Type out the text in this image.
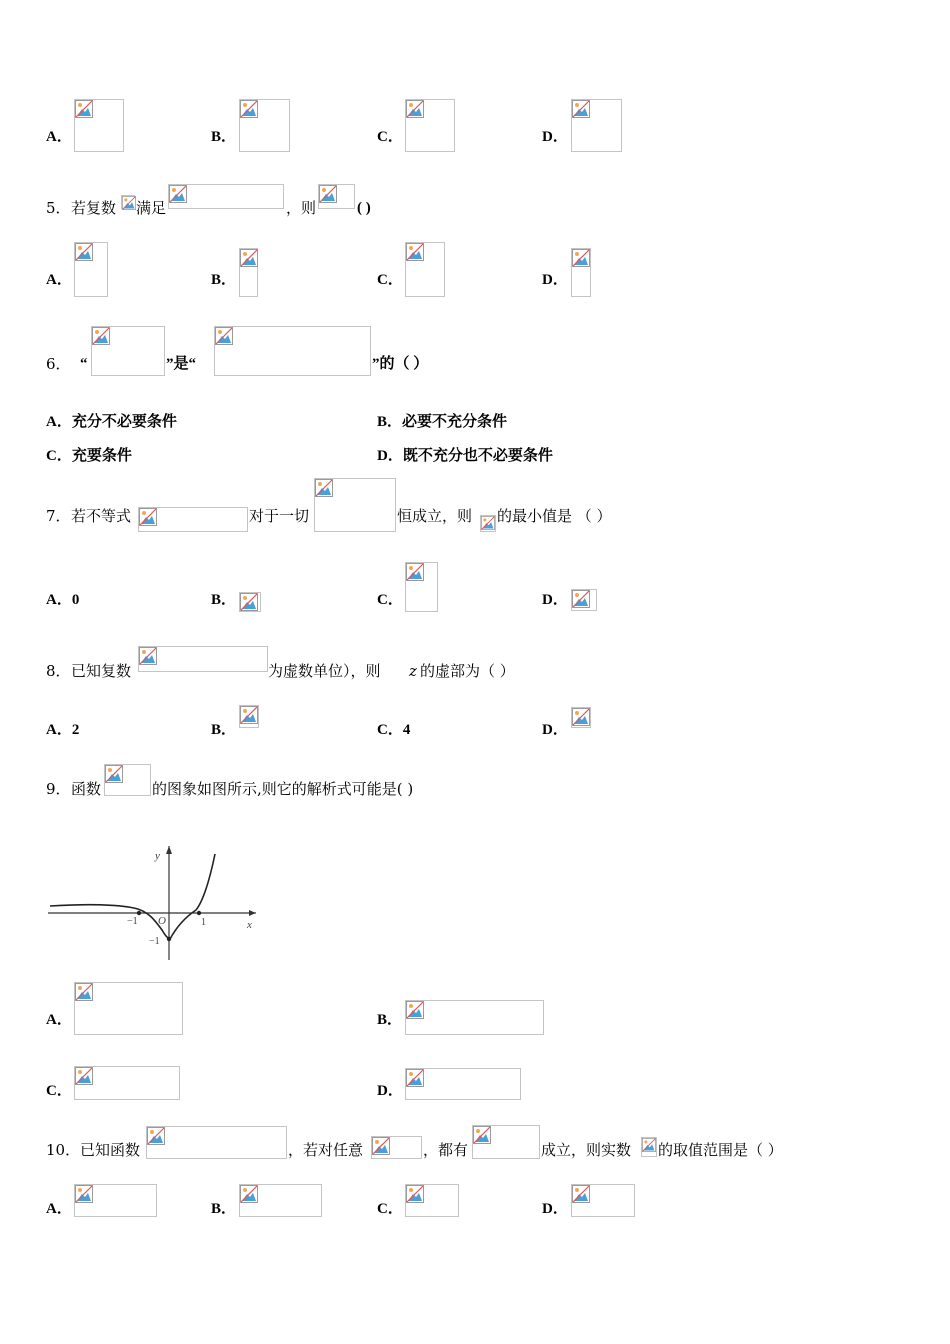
A．	B．	C．	D．
5． 若复数 满足	，则	( )
A．	B．	C．	D．
6． “	”是“	”的（ ）
A．充分不必要条件	B．必要不充分条件
C．充要条件	D．既不充分也不必要条件
7． 若不等式	对于一切	恒成立，则 的最小值是 （ ）
A．0	B．	C．	D．
8． 已知复数	为虚数单位），则 z 的虚部为（ ）
A．2	B．	C．4	D．
9． 函数	的图象如图所示,则它的解析式可能是( )
y
x
O
−1	1
−1
A．	B．
C．	D．
10． 已知函数	，若对任意	，都有	成立，则实数 的取值范围是（ ）
A．	B．	C．	D．
